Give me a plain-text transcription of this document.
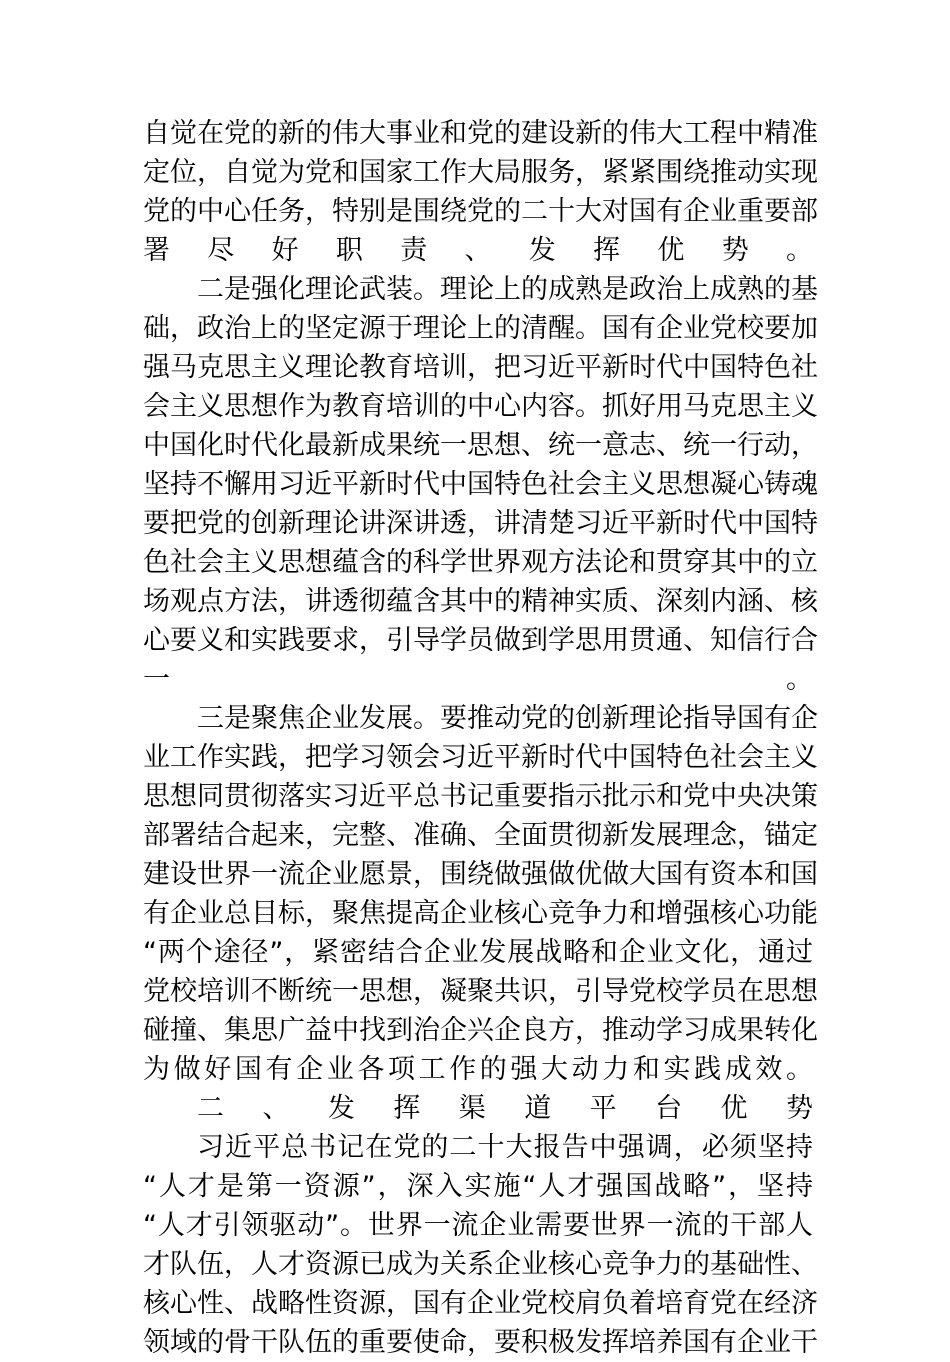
自觉在党的新的伟大事业和党的建设新的伟大工程中精准
定位，自觉为党和国家工作大局服务，紧紧围绕推动实现
党的中心任务，特别是围绕党的二十大对国有企业重要部
署尽好职责、发挥优势。
二是强化理论武装。理论上的成熟是政治上成熟的基
础，政治上的坚定源于理论上的清醒。国有企业党校要加
强马克思主义理论教育培训，把习近平新时代中国特色社
会主义思想作为教育培训的中心内容。抓好用马克思主义
中国化时代化最新成果统一思想、统一意志、统一行动，
坚持不懈用习近平新时代中国特色社会主义思想凝心铸魂
要把党的创新理论讲深讲透，讲清楚习近平新时代中国特
色社会主义思想蕴含的科学世界观方法论和贯穿其中的立
场观点方法，讲透彻蕴含其中的精神实质、深刻内涵、核
心要义和实践要求，引导学员做到学思用贯通、知信行合
一。
三是聚焦企业发展。要推动党的创新理论指导国有企
业工作实践，把学习领会习近平新时代中国特色社会主义
思想同贯彻落实习近平总书记重要指示批示和党中央决策
部署结合起来，完整、准确、全面贯彻新发展理念，锚定
建设世界一流企业愿景，围绕做强做优做大国有资本和国
有企业总目标，聚焦提高企业核心竞争力和增强核心功能
“两个途径”，紧密结合企业发展战略和企业文化，通过
党校培训不断统一思想，凝聚共识，引导党校学员在思想
碰撞、集思广益中找到治企兴企良方，推动学习成果转化
为做好国有企业各项工作的强大动力和实践成效。
二、发挥渠道平台优势
习近平总书记在党的二十大报告中强调，必须坚持
“人才是第一资源”，深入实施“人才强国战略”，坚持
“人才引领驱动”。世界一流企业需要世界一流的干部人
才队伍，人才资源已成为关系企业核心竞争力的基础性、
核心性、战略性资源，国有企业党校肩负着培育党在经济
领域的骨干队伍的重要使命，要积极发挥培养国有企业干
